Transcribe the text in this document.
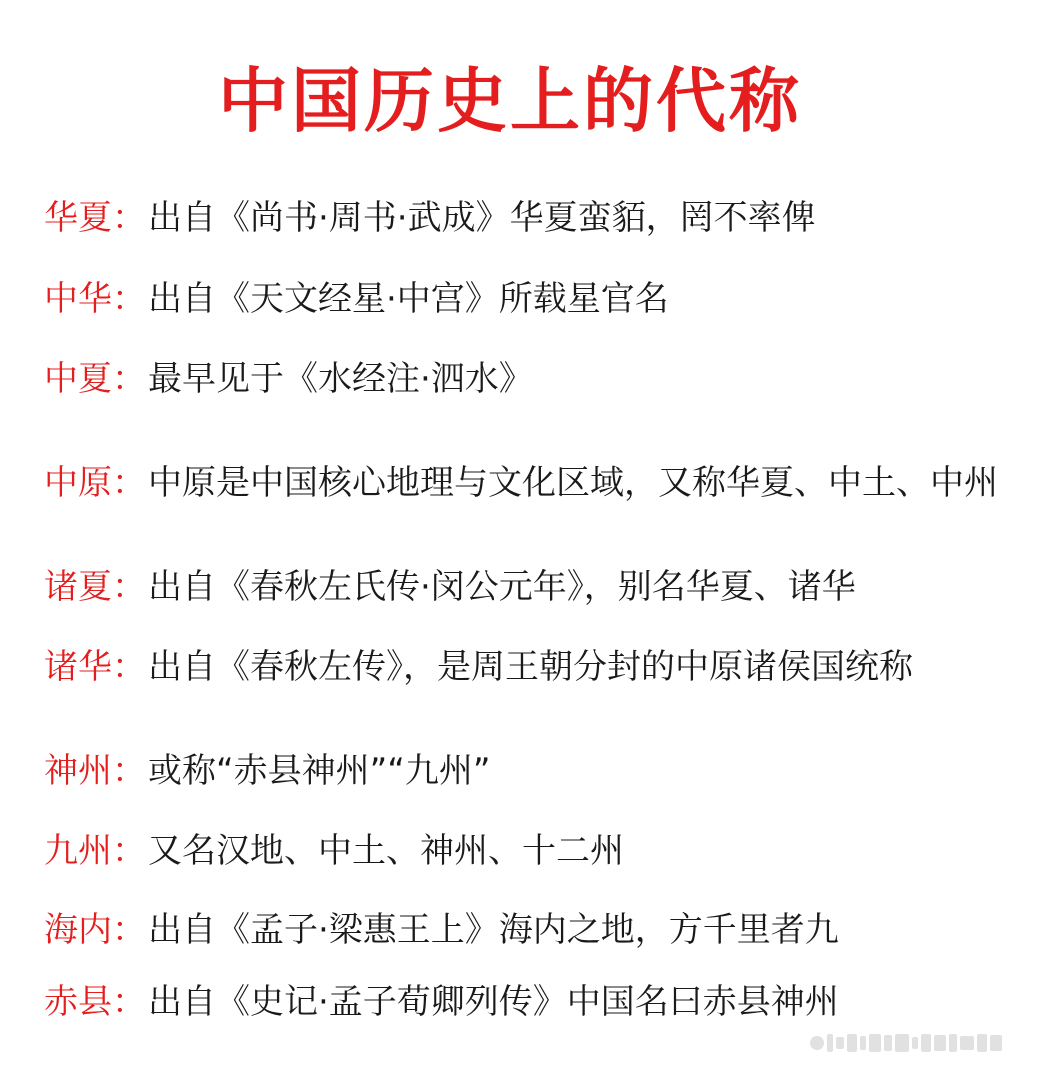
中国历史上的代称
华夏：出自《尚书·周书·武成》华夏蛮貊，罔不率俾
中华：出自《天文经星·中宫》所载星官名
中夏：最早见于《水经注·泗水》
中原：中原是中国核心地理与文化区域，又称华夏、中土、中州
诸夏：出自《春秋左氏传·闵公元年》，别名华夏、诸华
诸华：出自《春秋左传》，是周王朝分封的中原诸侯国统称
神州：或称“赤县神州”“九州”
九州：又名汉地、中土、神州、十二州
海内：出自《孟子·梁惠王上》海内之地，方千里者九
赤县：出自《史记·孟子荀卿列传》中国名曰赤县神州
